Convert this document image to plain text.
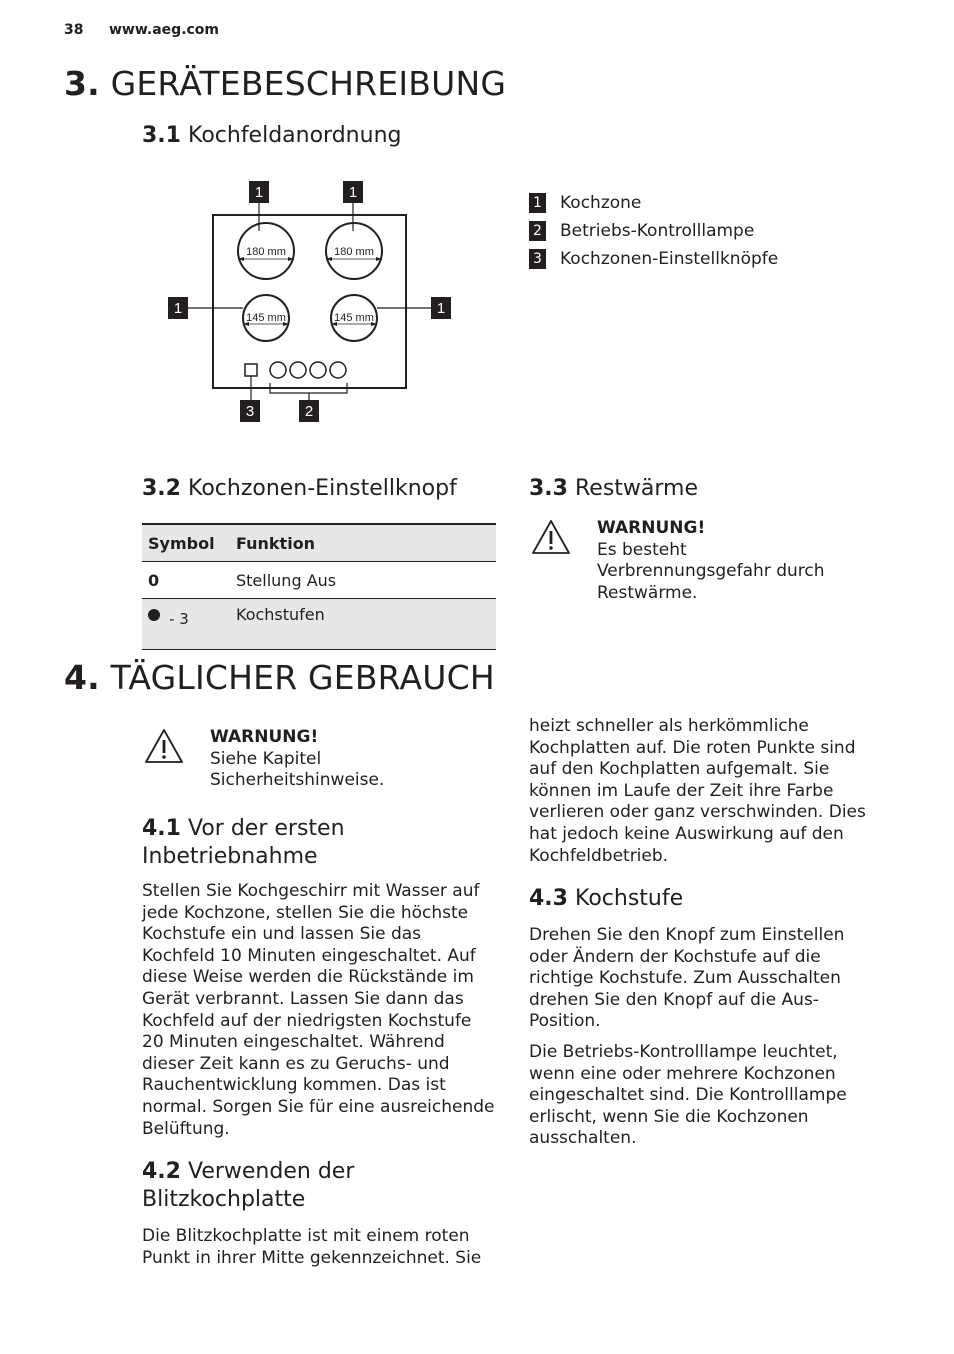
38 www.aeg.com
3. GERÄTEBESCHREIBUNG
3.1 Kochfeldanordnung
180 mm	180 mm
145 mm	145 mm
1	1
1	1
3	2
1 Kochzone
2 Betriebs-Kontrolllampe
3 Kochzonen-Einstellknöpfe
3.2 Kochzonen-Einstellknopf
Symbol	Funktion
0	Stellung Aus
- 3	Kochstufen
3.3 Restwärme
WARNUNG!
Es besteht
Verbrennungsgefahr durch
Restwärme.
4. TÄGLICHER GEBRAUCH
WARNUNG!
Siehe Kapitel
Sicherheitshinweise.
4.1 Vor der ersten
Inbetriebnahme
Stellen Sie Kochgeschirr mit Wasser auf
jede Kochzone, stellen Sie die höchste
Kochstufe ein und lassen Sie das
Kochfeld 10 Minuten eingeschaltet. Auf
diese Weise werden die Rückstände im
Gerät verbrannt. Lassen Sie dann das
Kochfeld auf der niedrigsten Kochstufe
20 Minuten eingeschaltet. Während
dieser Zeit kann es zu Geruchs- und
Rauchentwicklung kommen. Das ist
normal. Sorgen Sie für eine ausreichende
Belüftung.
4.2 Verwenden der
Blitzkochplatte
Die Blitzkochplatte ist mit einem roten
Punkt in ihrer Mitte gekennzeichnet. Sie
heizt schneller als herkömmliche
Kochplatten auf. Die roten Punkte sind
auf den Kochplatten aufgemalt. Sie
können im Laufe der Zeit ihre Farbe
verlieren oder ganz verschwinden. Dies
hat jedoch keine Auswirkung auf den
Kochfeldbetrieb.
4.3 Kochstufe
Drehen Sie den Knopf zum Einstellen
oder Ändern der Kochstufe auf die
richtige Kochstufe. Zum Ausschalten
drehen Sie den Knopf auf die Aus-
Position.
Die Betriebs-Kontrolllampe leuchtet,
wenn eine oder mehrere Kochzonen
eingeschaltet sind. Die Kontrolllampe
erlischt, wenn Sie die Kochzonen
ausschalten.
